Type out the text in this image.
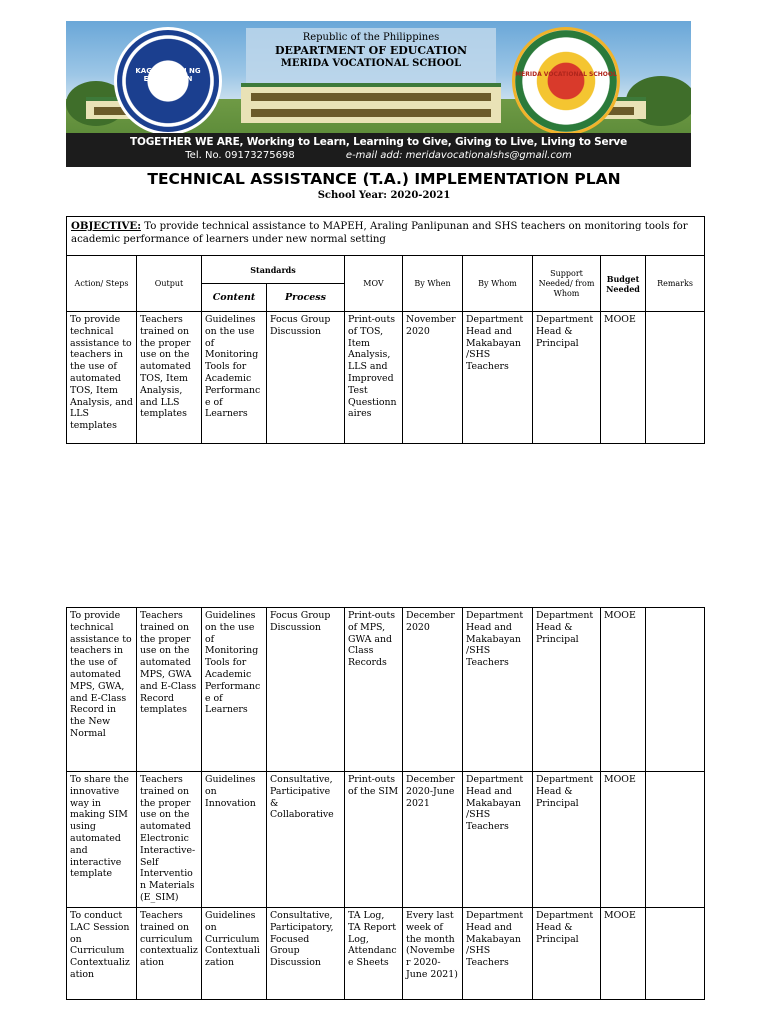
KAGAWARAN NG EDUKASYON
MERIDA VOCATIONAL SCHOOL
Republic of the Philippines
DEPARTMENT OF EDUCATION
MERIDA VOCATIONAL SCHOOL
TOGETHER WE ARE, Working to Learn, Learning to Give, Giving to Live, Living to Serve
Tel. No. 09173275698	e-mail add: meridavocationalshs@gmail.com
TECHNICAL ASSISTANCE (T.A.) IMPLEMENTATION PLAN
School Year: 2020-2021
OBJECTIVE: To provide technical assistance to MAPEH, Araling Panlipunan and SHS teachers on monitoring tools for academic performance of learners under new normal setting									
Action/ Steps	Output	Standards		MOV	By When	By Whom	Support Needed/ from Whom	Budget Needed	Remarks
		Content	Process						
To provide technical assistance to teachers in the use of automated TOS, Item Analysis, and LLS templates	Teachers trained on the proper use on the automated TOS, Item Analysis, and LLS templates	Guidelines on the use of Monitoring Tools for Academic Performance of Learners	Focus Group Discussion	Print-outs of TOS, Item Analysis, LLS and Improved Test Questionnaires	November 2020	Department Head and Makabayan /SHS Teachers	Department Head & Principal	MOOE	
To provide technical assistance to teachers in the use of automated MPS, GWA, and E-Class Record in the New Normal	Teachers trained on the proper use on the automated MPS, GWA and E-Class Record templates	Guidelines on the use of Monitoring Tools for Academic Performance of Learners	Focus Group Discussion	Print-outs of MPS, GWA and Class Records	December 2020	Department Head and Makabayan /SHS Teachers	Department Head & Principal	MOOE	
To share the innovative way in making SIM using automated and interactive template	Teachers trained on the proper use on the automated Electronic Interactive-Self Intervention Materials (E_SIM)	Guidelines on Innovation	Consultative, Participative & Collaborative	Print-outs of the SIM	December 2020-June 2021	Department Head and Makabayan /SHS Teachers	Department Head & Principal	MOOE	
To conduct LAC Session on Curriculum Contextualization	Teachers trained on curriculum contextualization	Guidelines on Curriculum Contextualization	Consultative, Participatory, Focused Group Discussion	TA Log, TA Report Log, Attendance Sheets	Every last week of the month (November 2020-June 2021)	Department Head and Makabayan /SHS Teachers	Department Head & Principal	MOOE	
